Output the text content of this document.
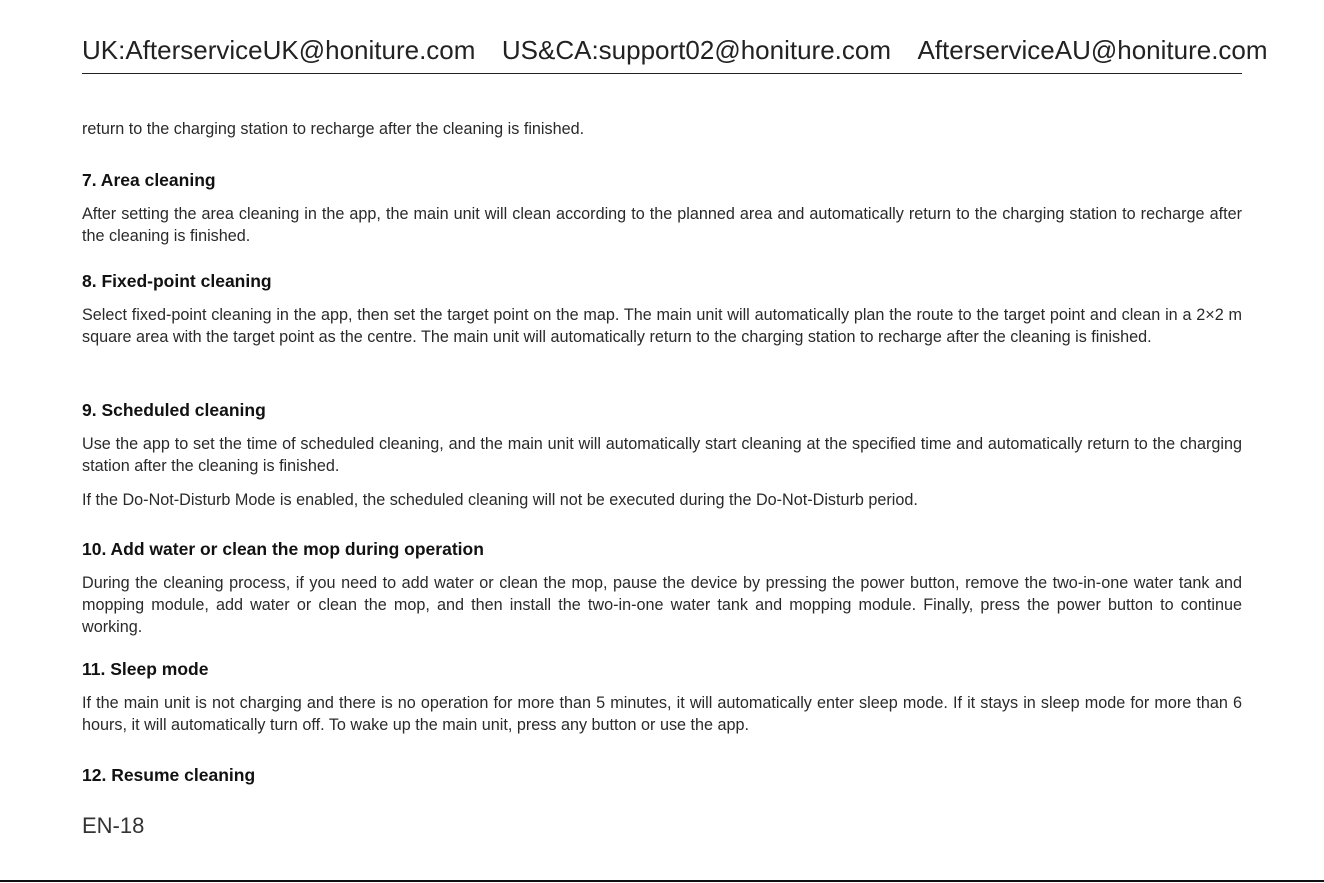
UK:AfterserviceUK@honiture.com US&CA:support02@honiture.com AfterserviceAU@honiture.com

return to the charging station to recharge after the cleaning is finished.

7. Area cleaning

After setting the area cleaning in the app, the main unit will clean according to the planned area and automatically return to the charging station to recharge after the cleaning is finished.

8. Fixed-point cleaning

Select fixed-point cleaning in the app, then set the target point on the map. The main unit will automatically plan the route to the target point and clean in a 2×2 m square area with the target point as the centre. The main unit will automatically return to the charging station to recharge after the cleaning is finished.

9. Scheduled cleaning

Use the app to set the time of scheduled cleaning, and the main unit will automatically start cleaning at the specified time and automatically return to the charging station after the cleaning is finished.

If the Do-Not-Disturb Mode is enabled, the scheduled cleaning will not be executed during the Do-Not-Disturb period.

10. Add water or clean the mop during operation

During the cleaning process, if you need to add water or clean the mop, pause the device by pressing the power button, remove the two-in-one water tank and mopping module, add water or clean the mop, and then install the two-in-one water tank and mopping module. Finally, press the power button to continue working.

11. Sleep mode

If the main unit is not charging and there is no operation for more than 5 minutes, it will automatically enter sleep mode. If it stays in sleep mode for more than 6 hours, it will automatically turn off. To wake up the main unit, press any button or use the app.

12. Resume cleaning
EN-18
